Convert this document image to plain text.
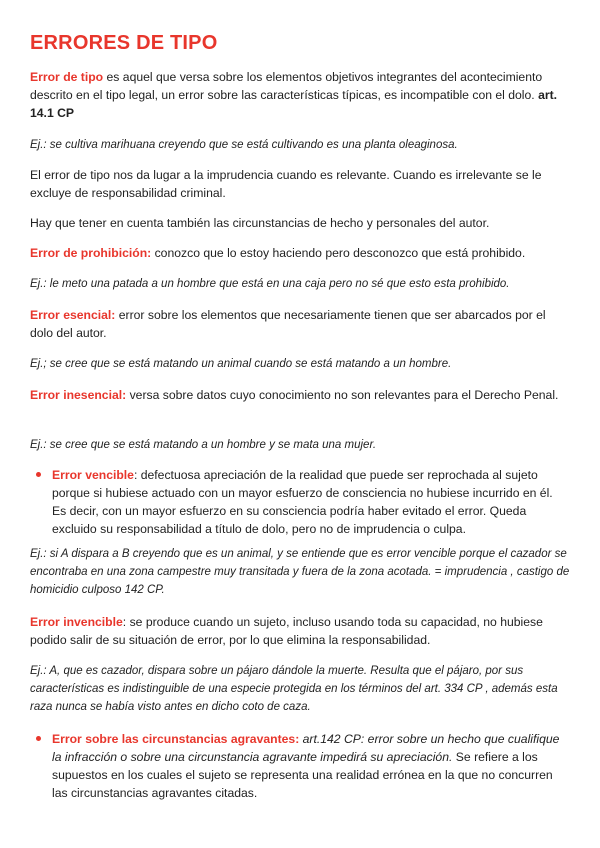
ERRORES DE TIPO

Error de tipo es aquel que versa sobre los elementos objetivos integrantes del acontecimiento descrito en el tipo legal, un error sobre las características típicas, es incompatible con el dolo. art. 14.1 CP

Ej.: se cultiva marihuana creyendo que se está cultivando es una planta oleaginosa.

El error de tipo nos da lugar a la imprudencia cuando es relevante. Cuando es irrelevante se le excluye de responsabilidad criminal.

Hay que tener en cuenta también las circunstancias de hecho y personales del autor.

Error de prohibición: conozco que lo estoy haciendo pero desconozco que está prohibido.

Ej.: le meto una patada a un hombre que está en una caja pero no sé que esto esta prohibido.

Error esencial: error sobre los elementos que necesariamente tienen que ser abarcados por el dolo del autor.

Ej.; se cree que se está matando un animal cuando se está matando a un hombre.

Error inesencial: versa sobre datos cuyo conocimiento no son relevantes para el Derecho Penal.

Ej.: se cree que se está matando a un hombre y se mata una mujer.

Error vencible: defectuosa apreciación de la realidad que puede ser reprochada al sujeto porque si hubiese actuado con un mayor esfuerzo de consciencia no hubiese incurrido en él. Es decir, con un mayor esfuerzo en su consciencia podría haber evitado el error. Queda excluido su responsabilidad a título de dolo, pero no de imprudencia o culpa.

Ej.: si A dispara a B creyendo que es un animal, y se entiende que es error vencible porque el cazador se encontraba en una zona campestre muy transitada y fuera de la zona acotada. = imprudencia , castigo de homicidio culposo 142 CP.

Error invencible: se produce cuando un sujeto, incluso usando toda su capacidad, no hubiese podido salir de su situación de error, por lo que elimina la responsabilidad.

Ej.: A, que es cazador, dispara sobre un pájaro dándole la muerte. Resulta que el pájaro, por sus características es indistinguible de una especie protegida en los términos del art. 334 CP , además esta raza nunca se había visto antes en dicho coto de caza.

Error sobre las circunstancias agravantes: art.142 CP: error sobre un hecho que cualifique la infracción o sobre una circunstancia agravante impedirá su apreciación. Se refiere a los supuestos en los cuales el sujeto se representa una realidad errónea en la que no concurren las circunstancias agravantes citadas.
